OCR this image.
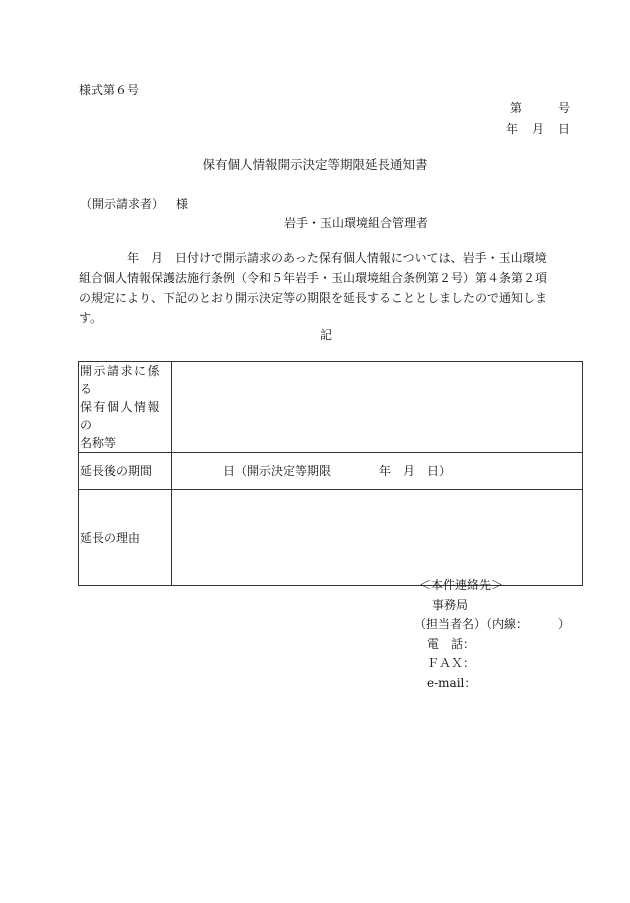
様式第６号
第	号
年 月 日
保有個人情報開示決定等期限延長通知書
（開示請求者） 様
岩手・玉山環境組合管理者
　　　　年　月　日付けで開示請求のあった保有個人情報については、岩手・玉山環境組合個人情報保護法施行条例（令和５年岩手・玉山環境組合条例第２号）第４条第２項の規定により、下記のとおり開示決定等の期限を延長することとしましたので通知します。
記
開示請求に係る
保有個人情報の
名称等	

延長後の期間	日（開示決定等期限　　　　年　月　日）
延長の理由	
＜本件連絡先＞
事務局
（担当者名）（内線：　　　）
電　話：
ＦＡＸ：
e-mail：
